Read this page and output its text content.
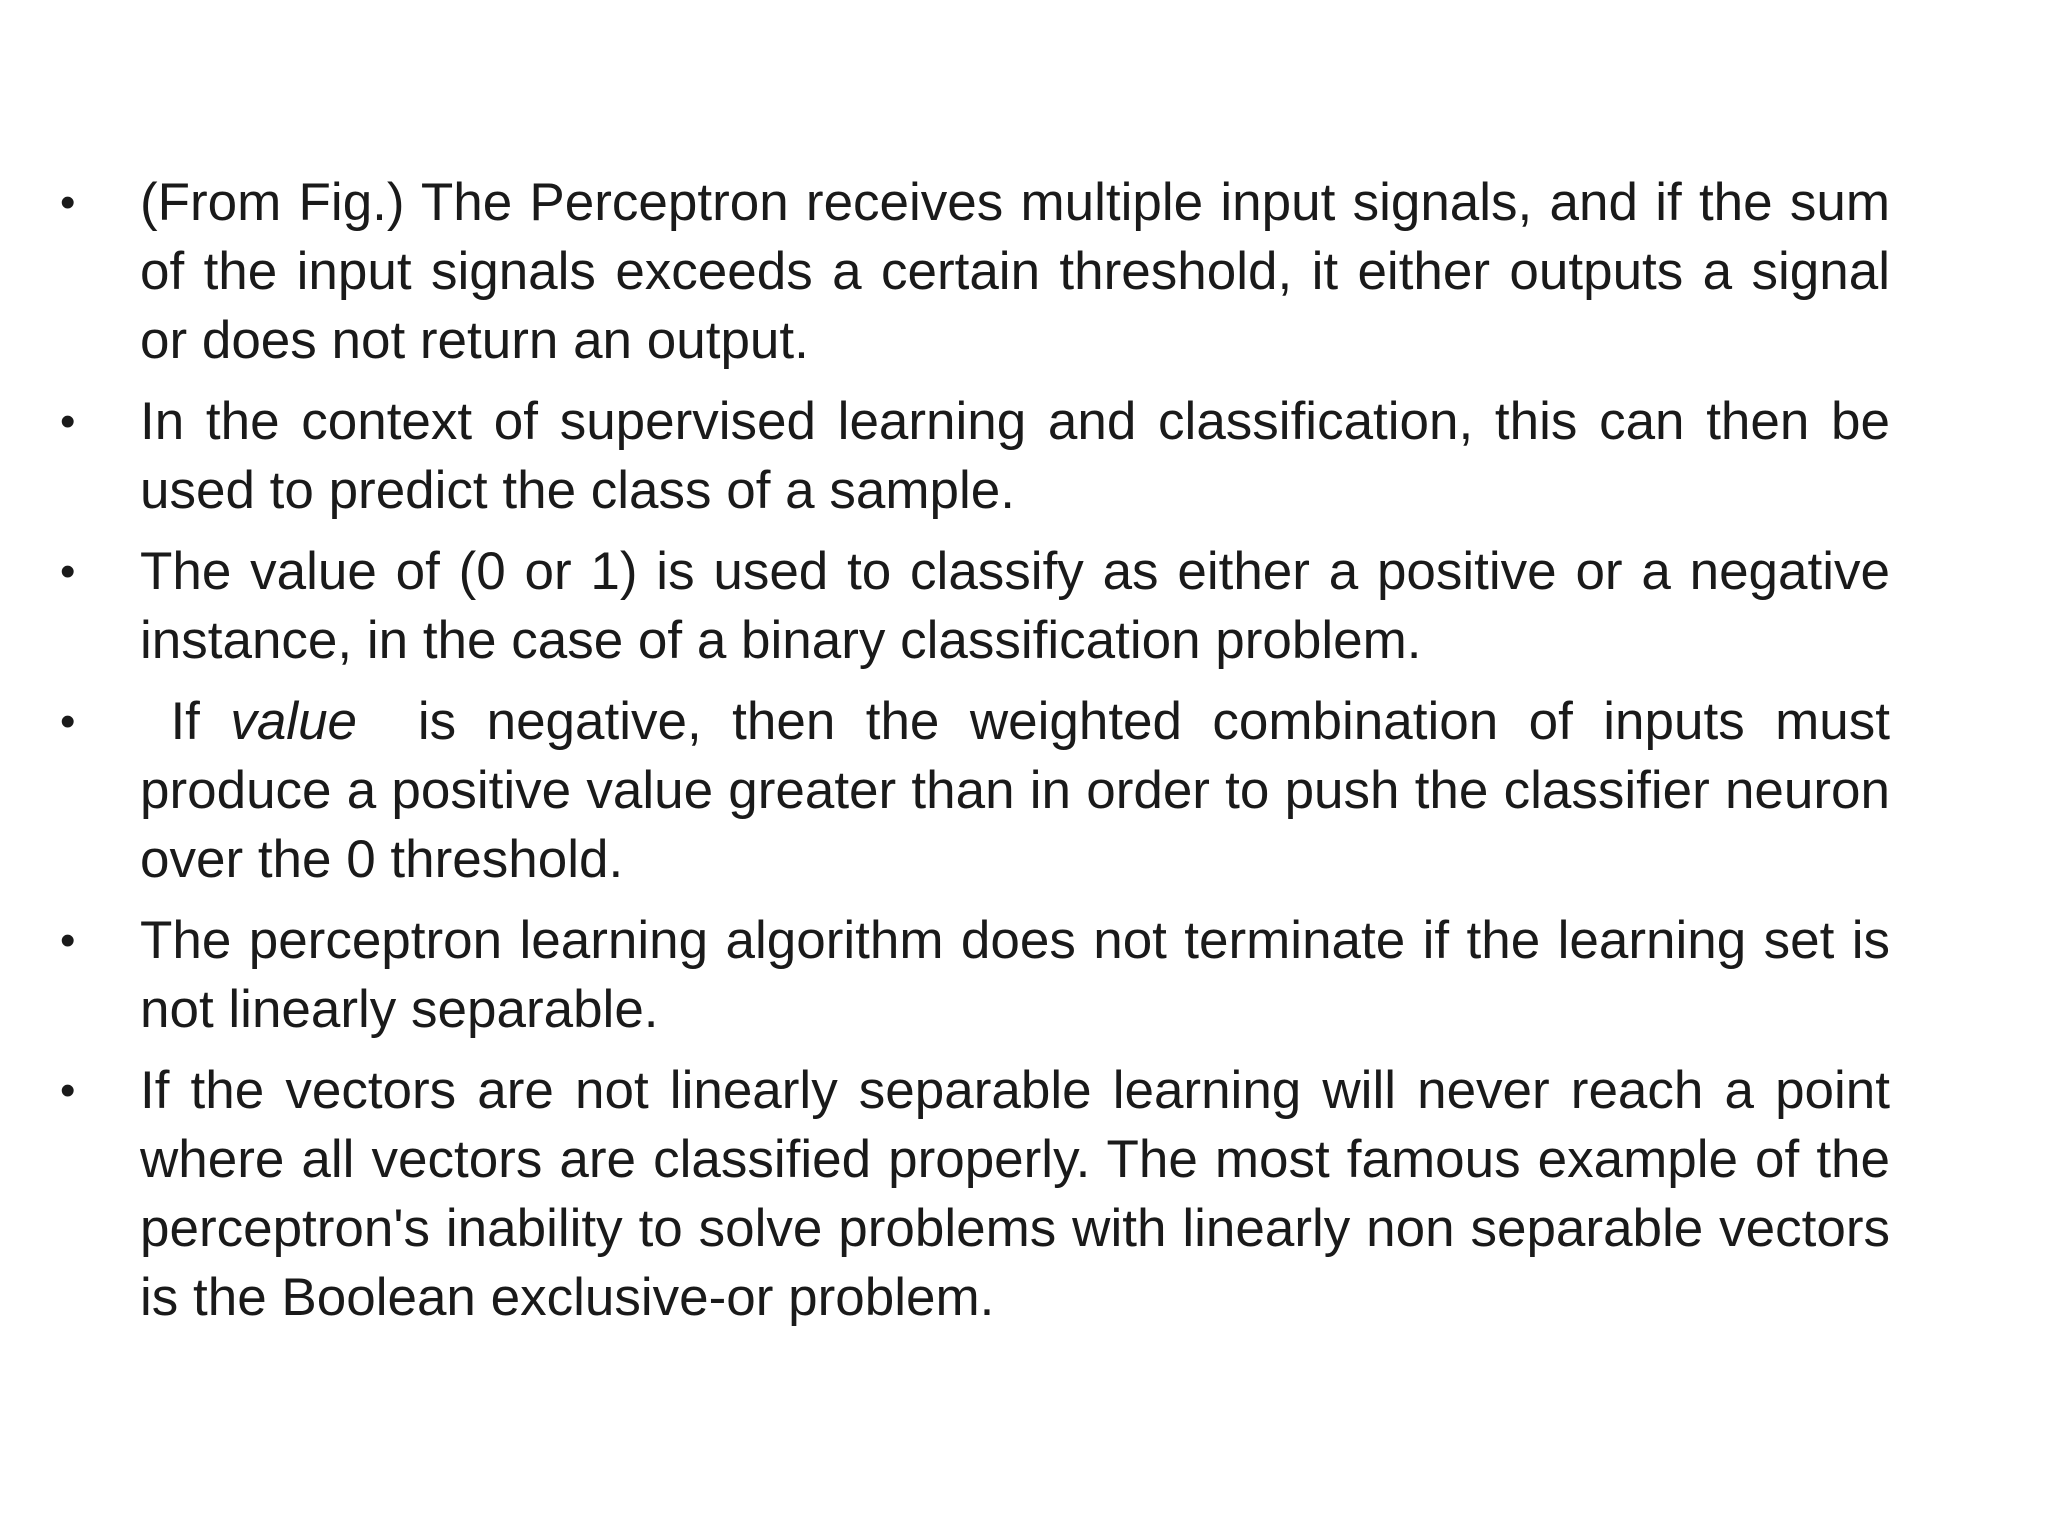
•	(From Fig.) The Perceptron receives multiple input signals, and if the sum of the input signals exceeds a certain threshold, it either outputs a signal or does not return an output.
•	In the context of supervised learning and classification, this can then be used to predict the class of a sample.
•	The value of (0 or 1) is used to classify as either a positive or a negative instance, in the case of a binary classification problem.
•	If value  is negative, then the weighted combination of inputs must produce a positive value greater than in order to push the classifier neuron over the 0 threshold.
•	The perceptron learning algorithm does not terminate if the learning set is not linearly separable.
•	If the vectors are not linearly separable learning will never reach a point where all vectors are classified properly. The most famous example of the perceptron's inability to solve problems with linearly non separable vectors is the Boolean exclusive-or problem.
